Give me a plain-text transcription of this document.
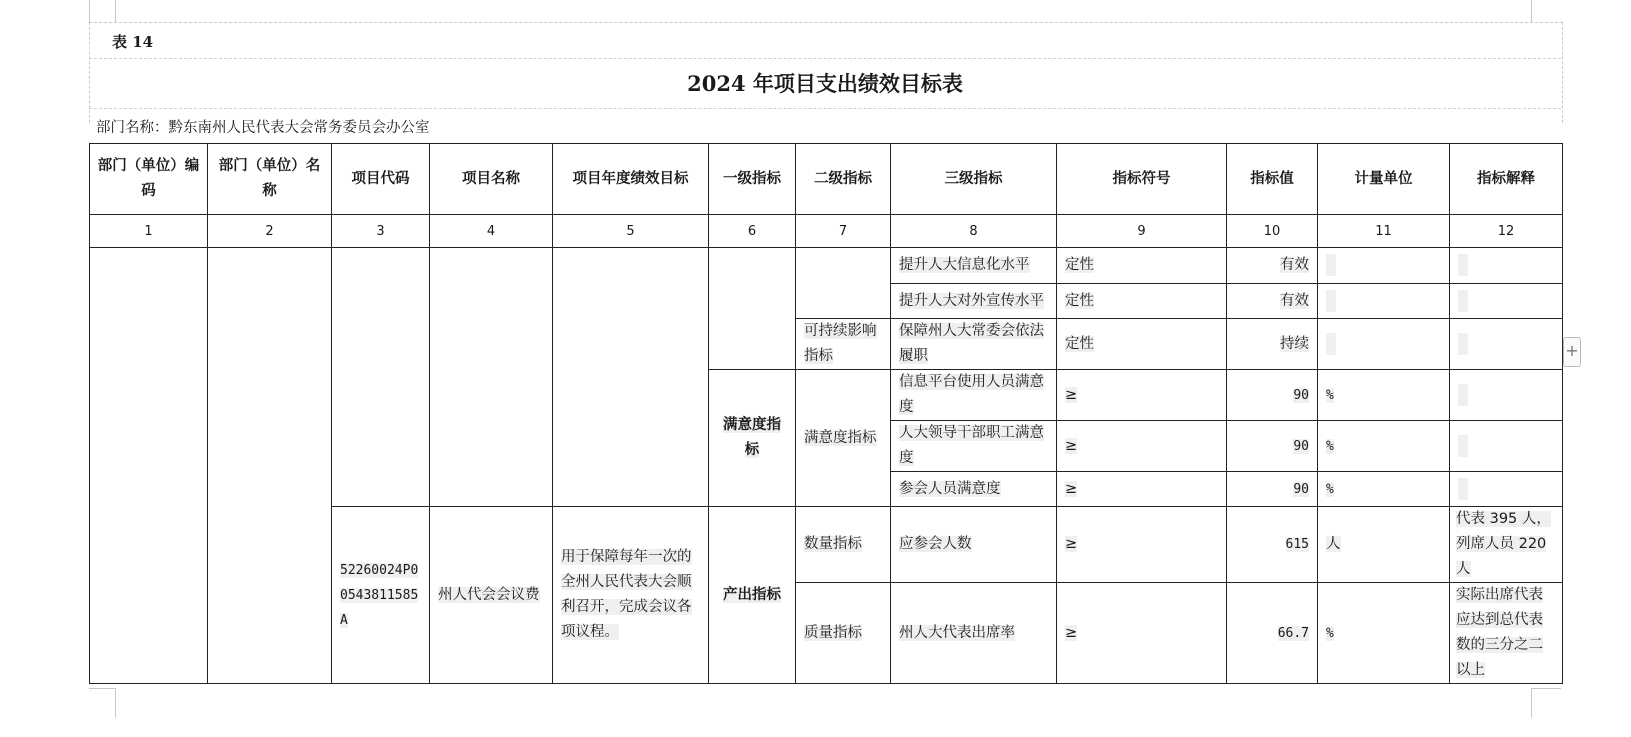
表 14
2024 年项目支出绩效目标表
部门名称：黔东南州人民代表大会常务委员会办公室
部门（单位）编码	部门（单位）名称	项目代码	项目名称	项目年度绩效目标	一级指标	二级指标	三级指标	指标符号	指标值	计量单位	指标解释
1	2	3	4	5	6	7	8	9	10	11	12
							提升人大信息化水平	定性	有效		
							提升人大对外宣传水平	定性	有效		
						可持续影响指标	保障州人大常委会依法履职	定性	持续		
					满意度指标	满意度指标	信息平台使用人员满意度	≥	90	%	
							人大领导干部职工满意度	≥	90	%	
							参会人员满意度	≥	90	%	
		52260024P00543811585A	州人代会会议费	用于保障每年一次的全州人民代表大会顺利召开，完成会议各项议程。	产出指标	数量指标	应参会人数	≥	615	人	代表 395 人，列席人员 220 人
						质量指标	州人大代表出席率	≥	66.7	%	实际出席代表应达到总代表数的三分之二以上
+
